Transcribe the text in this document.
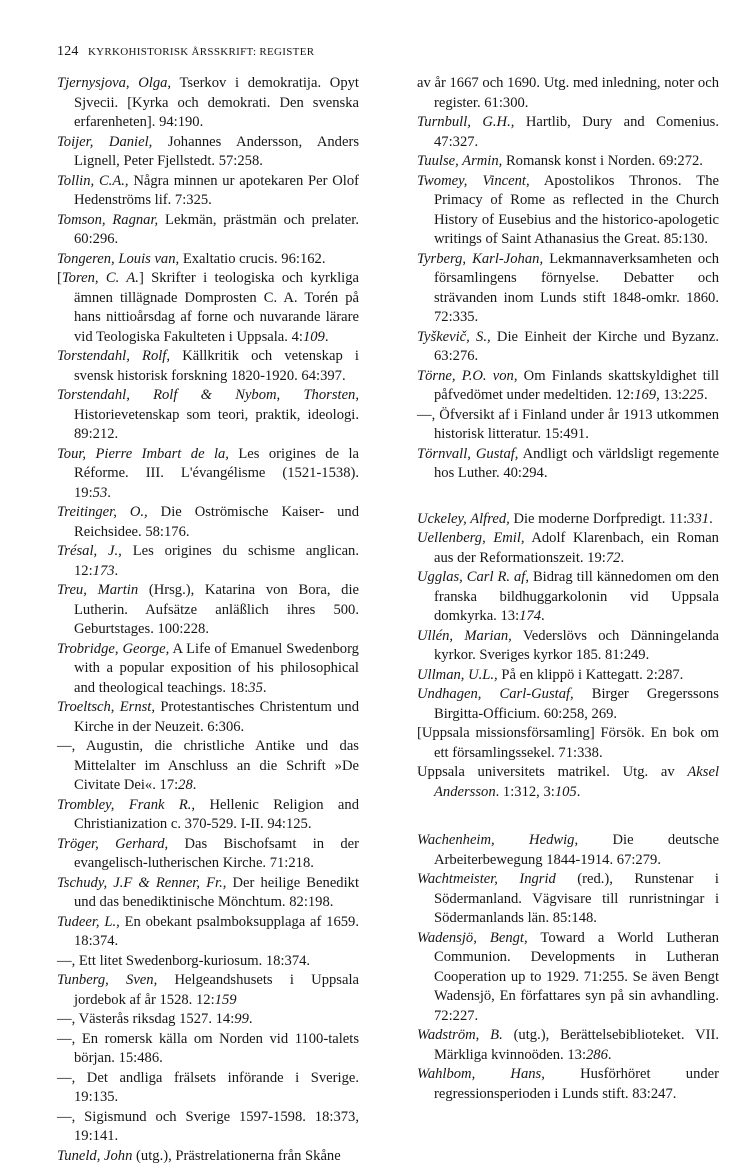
124 KYRKOHISTORISK ÅRSSKRIFT: REGISTER

Tjernysjova, Olga, Tserkov i demokratija. Opyt Sjvecii. [Kyrka och demokrati. Den svenska erfarenheten]. 94:190.

Toijer, Daniel, Johannes Andersson, Anders Lignell, Peter Fjellstedt. 57:258.

Tollin, C.A., Några minnen ur apotekaren Per Olof Hedenströms lif. 7:325.

Tomson, Ragnar, Lekmän, prästmän och prelater. 60:296.

Tongeren, Louis van, Exaltatio crucis. 96:162.

[Toren, C. A.] Skrifter i teologiska och kyrkliga ämnen tillägnade Domprosten C. A. Torén på hans nittioårsdag af forne och nuvarande lärare vid Teologiska Fakulteten i Uppsala. 4:109.

Torstendahl, Rolf, Källkritik och vetenskap i svensk historisk forskning 1820-1920. 64:397.

Torstendahl, Rolf & Nybom, Thorsten, Historievetenskap som teori, praktik, ideologi. 89:212.

Tour, Pierre Imbart de la, Les origines de la Réforme. III. L'évangélisme (1521-1538). 19:53.

Treitinger, O., Die Oströmische Kaiser- und Reichsidee. 58:176.

Trésal, J., Les origines du schisme anglican. 12:173.

Treu, Martin (Hrsg.), Katarina von Bora, die Lutherin. Aufsätze anläßlich ihres 500. Geburtstages. 100:228.

Trobridge, George, A Life of Emanuel Swedenborg with a popular exposition of his philosophical and theological teachings. 18:35.

Troeltsch, Ernst, Protestantisches Christentum und Kirche in der Neuzeit. 6:306.

—, Augustin, die christliche Antike und das Mittelalter im Anschluss an die Schrift »De Civitate Dei«. 17:28.

Trombley, Frank R., Hellenic Religion and Christianization c. 370-529. I-II. 94:125.

Tröger, Gerhard, Das Bischofsamt in der evangelisch-lutherischen Kirche. 71:218.

Tschudy, J.F & Renner, Fr., Der heilige Benedikt und das benediktinische Mönchtum. 82:198.

Tudeer, L., En obekant psalmboksupplaga af 1659. 18:374.

—, Ett litet Swedenborg-kuriosum. 18:374.

Tunberg, Sven, Helgeandshusets i Uppsala jordebok af år 1528. 12:159

—, Västerås riksdag 1527. 14:99.

—, En romersk källa om Norden vid 1100-talets början. 15:486.

—, Det andliga frälsets införande i Sverige. 19:135.

—, Sigismund och Sverige 1597-1598. 18:373, 19:141.

Tuneld, John (utg.), Prästrelationerna från Skåne

av år 1667 och 1690. Utg. med inledning, noter och register. 61:300.

Turnbull, G.H., Hartlib, Dury and Comenius. 47:327.

Tuulse, Armin, Romansk konst i Norden. 69:272.

Twomey, Vincent, Apostolikos Thronos. The Primacy of Rome as reflected in the Church History of Eusebius and the historico-apologetic writings of Saint Athanasius the Great. 85:130.

Tyrberg, Karl-Johan, Lekmannaverksamheten och församlingens förnyelse. Debatter och strävanden inom Lunds stift 1848-omkr. 1860. 72:335.

Tyškevič, S., Die Einheit der Kirche und Byzanz. 63:276.

Törne, P.O. von, Om Finlands skattskyldighet till påfvedömet under medeltiden. 12:169, 13:225.

—, Öfversikt af i Finland under år 1913 utkommen historisk litteratur. 15:491.

Törnvall, Gustaf, Andligt och världsligt regemente hos Luther. 40:294.

Uckeley, Alfred, Die moderne Dorfpredigt. 11:331.

Uellenberg, Emil, Adolf Klarenbach, ein Roman aus der Reformationszeit. 19:72.

Ugglas, Carl R. af, Bidrag till kännedomen om den franska bildhuggarkolonin vid Uppsala domkyrka. 13:174.

Ullén, Marian, Vederslövs och Dänningelanda kyrkor. Sveriges kyrkor 185. 81:249.

Ullman, U.L., På en klippö i Kattegatt. 2:287.

Undhagen, Carl-Gustaf, Birger Gregerssons Birgitta-Officium. 60:258, 269.

[Uppsala missionsförsamling] Försök. En bok om ett församlingssekel. 71:338.

Uppsala universitets matrikel. Utg. av Aksel Andersson. 1:312, 3:105.

Wachenheim, Hedwig, Die deutsche Arbeiterbewegung 1844-1914. 67:279.

Wachtmeister, Ingrid (red.), Runstenar i Södermanland. Vägvisare till runristningar i Södermanlands län. 85:148.

Wadensjö, Bengt, Toward a World Lutheran Communion. Developments in Lutheran Cooperation up to 1929. 71:255. Se även Bengt Wadensjö, En författares syn på sin avhandling. 72:227.

Wadström, B. (utg.), Berättelsebiblioteket. VII. Märkliga kvinnoöden. 13:286.

Wahlbom, Hans, Husförhöret under regressionsperioden i Lunds stift. 83:247.
